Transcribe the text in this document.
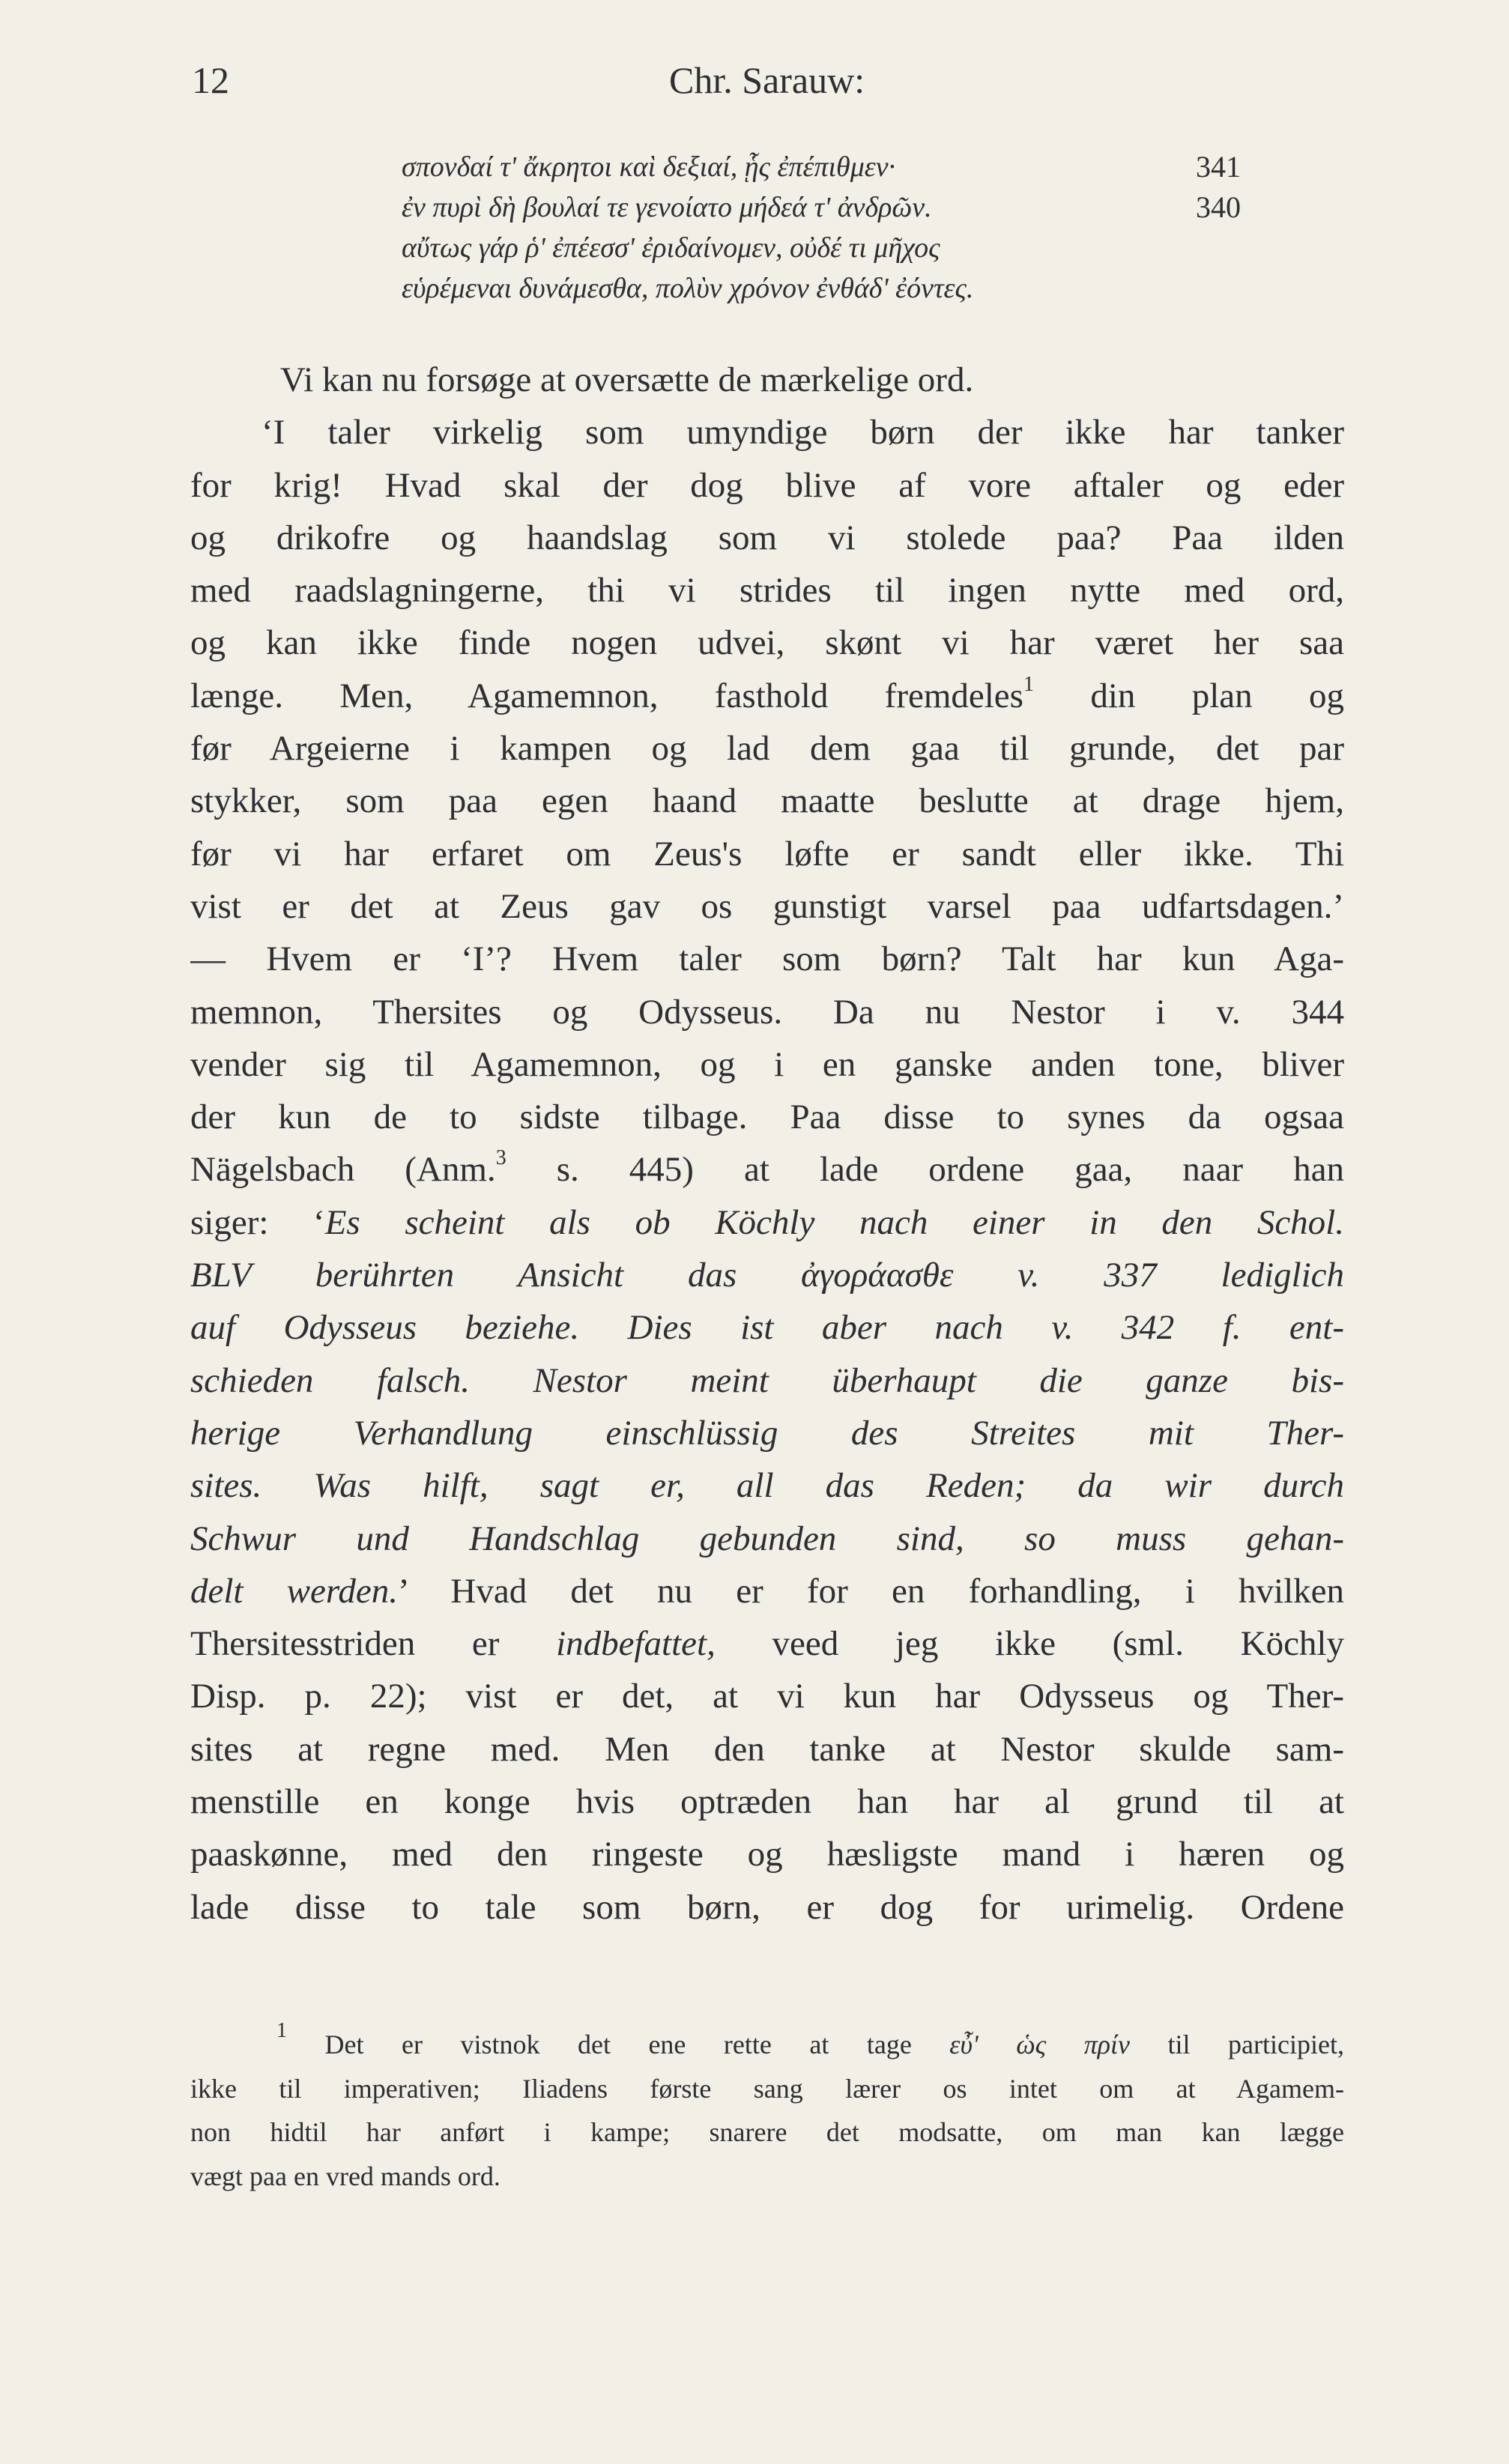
12	Chr. Sarauw:
σπονδαί τ' ἄκρητοι καὶ δεξιαί, ᾗς ἐπέπιθμεν·	341
ἐν πυρὶ δὴ βουλαί τε γενοίατο μήδεά τ' ἀνδρῶν.	340
αὔτως γάρ ῥ' ἐπέεσσ' ἐριδαίνομεν, οὐδέ τι μῆχος
εὑρέμεναι δυνάμεσθα, πολὺν χρόνον ἐνθάδ' ἐόντες.
Vi kan nu forsøge at oversætte de mærkelige ord.
‘I taler virkelig som umyndige børn der ikke har tanker
for krig! Hvad skal der dog blive af vore aftaler og eder
og drikofre og haandslag som vi stolede paa? Paa ilden
med raadslagningerne, thi vi strides til ingen nytte med ord,
og kan ikke finde nogen udvei, skønt vi har været her saa
længe. Men, Agamemnon, fasthold fremdeles$^1$ din plan og
før Argeierne i kampen og lad dem gaa til grunde, det par
stykker, som paa egen haand maatte beslutte at drage hjem,
før vi har erfaret om Zeus's løfte er sandt eller ikke. Thi
vist er det at Zeus gav os gunstigt varsel paa udfartsdagen.’
— Hvem er ‘I’? Hvem taler som børn? Talt har kun Aga-
memnon, Thersites og Odysseus. Da nu Nestor i v. 344
vender sig til Agamemnon, og i en ganske anden tone, bliver
der kun de to sidste tilbage. Paa disse to synes da ogsaa
Nägelsbach (Anm.$^3$ s. 445) at lade ordene gaa, naar han
siger: ‘Es scheint als ob Köchly nach einer in den Schol.
BLV berührten Ansicht das ἀγοράασθε v. 337 lediglich
auf Odysseus beziehe. Dies ist aber nach v. 342 f. ent-
schieden falsch. Nestor meint überhaupt die ganze bis-
herige Verhandlung einschlüssig des Streites mit Ther-
sites. Was hilft, sagt er, all das Reden; da wir durch
Schwur und Handschlag gebunden sind, so muss gehan-
delt werden.’ Hvad det nu er for en forhandling, i hvilken
Thersitesstriden er indbefattet, veed jeg ikke (sml. Köchly
Disp. p. 22); vist er det, at vi kun har Odysseus og Ther-
sites at regne med. Men den tanke at Nestor skulde sam-
menstille en konge hvis optræden han har al grund til at
paaskønne, med den ringeste og hæsligste mand i hæren og
lade disse to tale som børn, er dog for urimelig. Ordene
$^1$ Det er vistnok det ene rette at tage εὖ' ὡς πρίν til participiet,
ikke til imperativen; Iliadens første sang lærer os intet om at Agamem-
non hidtil har anført i kampe; snarere det modsatte, om man kan lægge
vægt paa en vred mands ord.
